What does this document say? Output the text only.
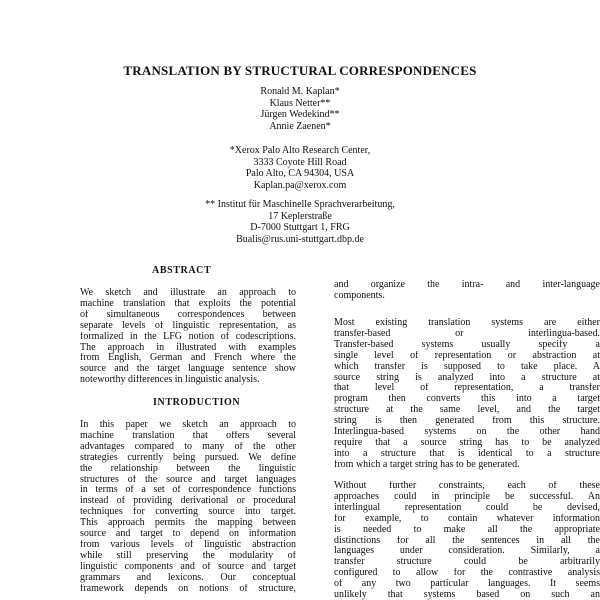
TRANSLATION BY STRUCTURAL CORRESPONDENCES
Ronald M. Kaplan*
Klaus Netter**
Jürgen Wedekind**
Annie Zaenen*
*Xerox Palo Alto Research Center,
3333 Coyote Hill Road
Palo Alto, CA 94304, USA
Kaplan.pa@xerox.com
** Institut für Maschinelle Sprachverarbeitung,
17 Keplerstraße
D-7000 Stuttgart 1, FRG
Bualis@rus.uni-stuttgart.dbp.de
ABSTRACT
We sketch and illustrate an approach to
machine translation that exploits the potential
of simultaneous correspondences between
separate levels of linguistic representation, as
formalized in the LFG notion of codescriptions.
The approach in illustrated with examples
from English, German and French where the
source and the target language sentence show
noteworthy differences in linguistic analysis.
INTRODUCTION
In this paper we sketch an approach to
machine translation that offers several
advantages compared to many of the other
strategies currently being pursued. We define
the relationship between the linguistic
structures of the source and target languages
in terms of a set of correspondence functions
instead of providing derivational or procedural
techniques for converting source into target.
This approach permits the mapping between
source and target to depend on information
from various levels of linguistic abstraction
while still preserving the modularity of
linguistic components and of source and target
grammars and lexicons. Our conceptual
framework depends on notions of structure,
and organize the intra- and inter-language
components.
Most existing translation systems are either
transfer-based or interlingua-based.
Transfer-based systems usually specify a
single level of representation or abstraction at
which transfer is supposed to take place. A
source string is analyzed into a structure at
that level of representation, a transfer
program then converts this into a target
structure at the same level, and the target
string is then generated from this structure.
Interlingua-based systems on the other hand
require that a source string has to be analyzed
into a structure that is identical to a structure
from which a target string has to be generated.
Without further constraints, each of these
approaches could in principle be successful. An
interlingual representation could be devised,
for example, to contain whatever information
is needed to make all the appropriate
distinctions for all the sentences in all the
languages under consideration. Similarly, a
transfer structure could be arbitrarily
configured to allow for the contrastive analysis
of any two particular languages. It seems
unlikely that systems based on such an
